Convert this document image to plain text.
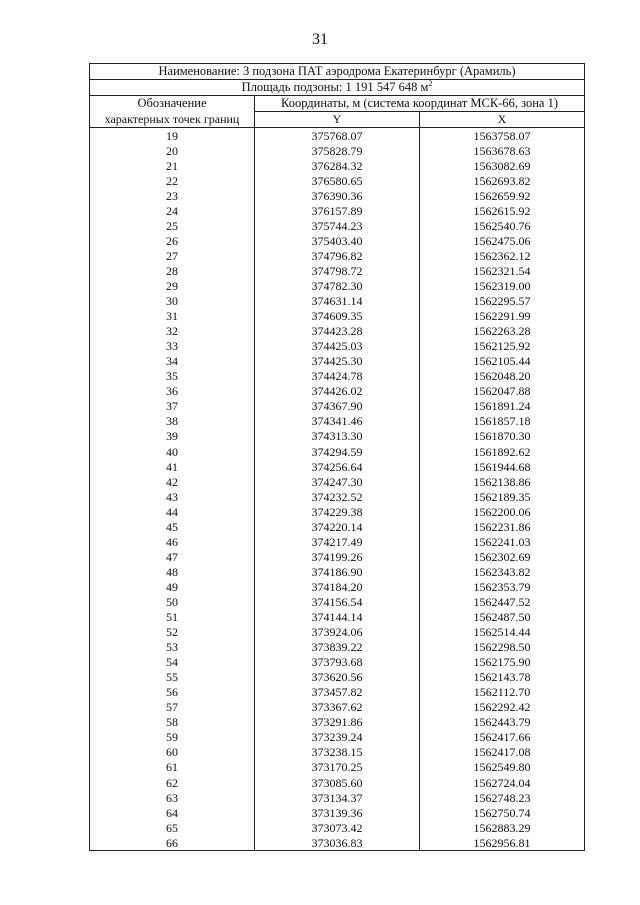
31
Наименование: 3 подзона ПАТ аэродрома Екатеринбург (Арамиль)		
Площадь подзоны: 1 191 547 648 $м^2$
Обозначение	Координаты, м (система координат МСК-66, зона 1)	
характерных точек границ	Y	X
19	375768.07	1563758.07
20	375828.79	1563678.63
21	376284.32	1563082.69
22	376580.65	1562693.82
23	376390.36	1562659.92
24	376157.89	1562615.92
25	375744.23	1562540.76
26	375403.40	1562475.06
27	374796.82	1562362.12
28	374798.72	1562321.54
29	374782.30	1562319.00
30	374631.14	1562295.57
31	374609.35	1562291.99
32	374423.28	1562263.28
33	374425.03	1562125.92
34	374425.30	1562105.44
35	374424.78	1562048.20
36	374426.02	1562047.88
37	374367.90	1561891.24
38	374341.46	1561857.18
39	374313.30	1561870.30
40	374294.59	1561892.62
41	374256.64	1561944.68
42	374247.30	1562138.86
43	374232.52	1562189.35
44	374229.38	1562200.06
45	374220.14	1562231.86
46	374217.49	1562241.03
47	374199.26	1562302.69
48	374186.90	1562343.82
49	374184.20	1562353.79
50	374156.54	1562447.52
51	374144.14	1562487.50
52	373924.06	1562514.44
53	373839.22	1562298.50
54	373793.68	1562175.90
55	373620.56	1562143.78
56	373457.82	1562112.70
57	373367.62	1562292.42
58	373291.86	1562443.79
59	373239.24	1562417.66
60	373238.15	1562417.08
61	373170.25	1562549.80
62	373085.60	1562724.04
63	373134.37	1562748.23
64	373139.36	1562750.74
65	373073.42	1562883.29
66	373036.83	1562956.81
